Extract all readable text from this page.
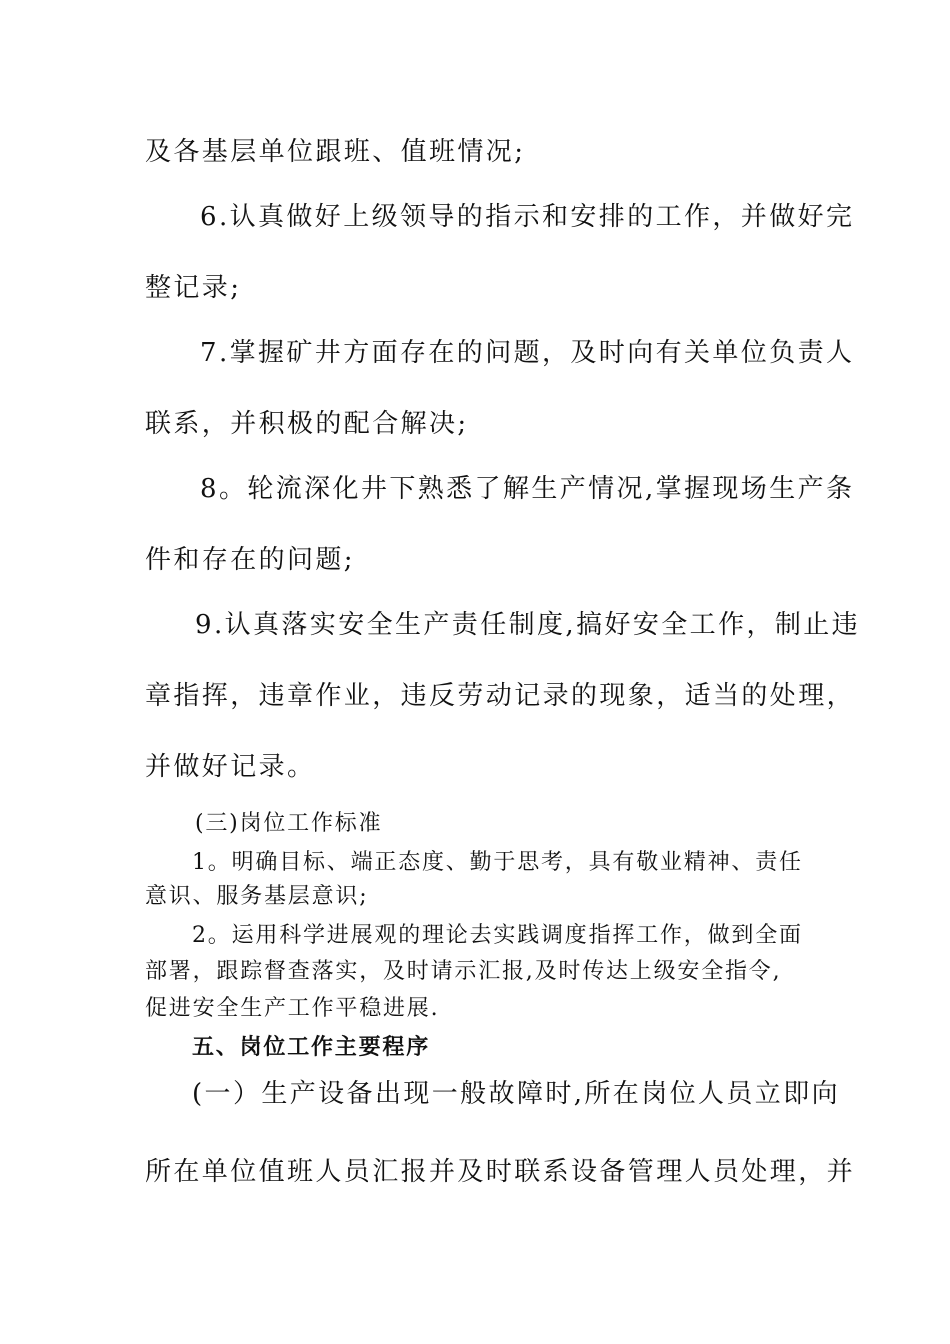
及各基层单位跟班、值班情况;
6.认真做好上级领导的指示和安排的工作，并做好完
整记录;
7.掌握矿井方面存在的问题，及时向有关单位负责人
联系，并积极的配合解决;
8。轮流深化井下熟悉了解生产情况,掌握现场生产条
件和存在的问题;
9.认真落实安全生产责任制度,搞好安全工作，制止违
章指挥，违章作业，违反劳动记录的现象，适当的处理，
并做好记录。
(三)岗位工作标准
1。明确目标、端正态度、勤于思考，具有敬业精神、责任
意识、服务基层意识;
2。运用科学进展观的理论去实践调度指挥工作，做到全面
部署，跟踪督查落实，及时请示汇报,及时传达上级安全指令,
促进安全生产工作平稳进展.
五、岗位工作主要程序
(一）生产设备出现一般故障时,所在岗位人员立即向
所在单位值班人员汇报并及时联系设备管理人员处理，并
